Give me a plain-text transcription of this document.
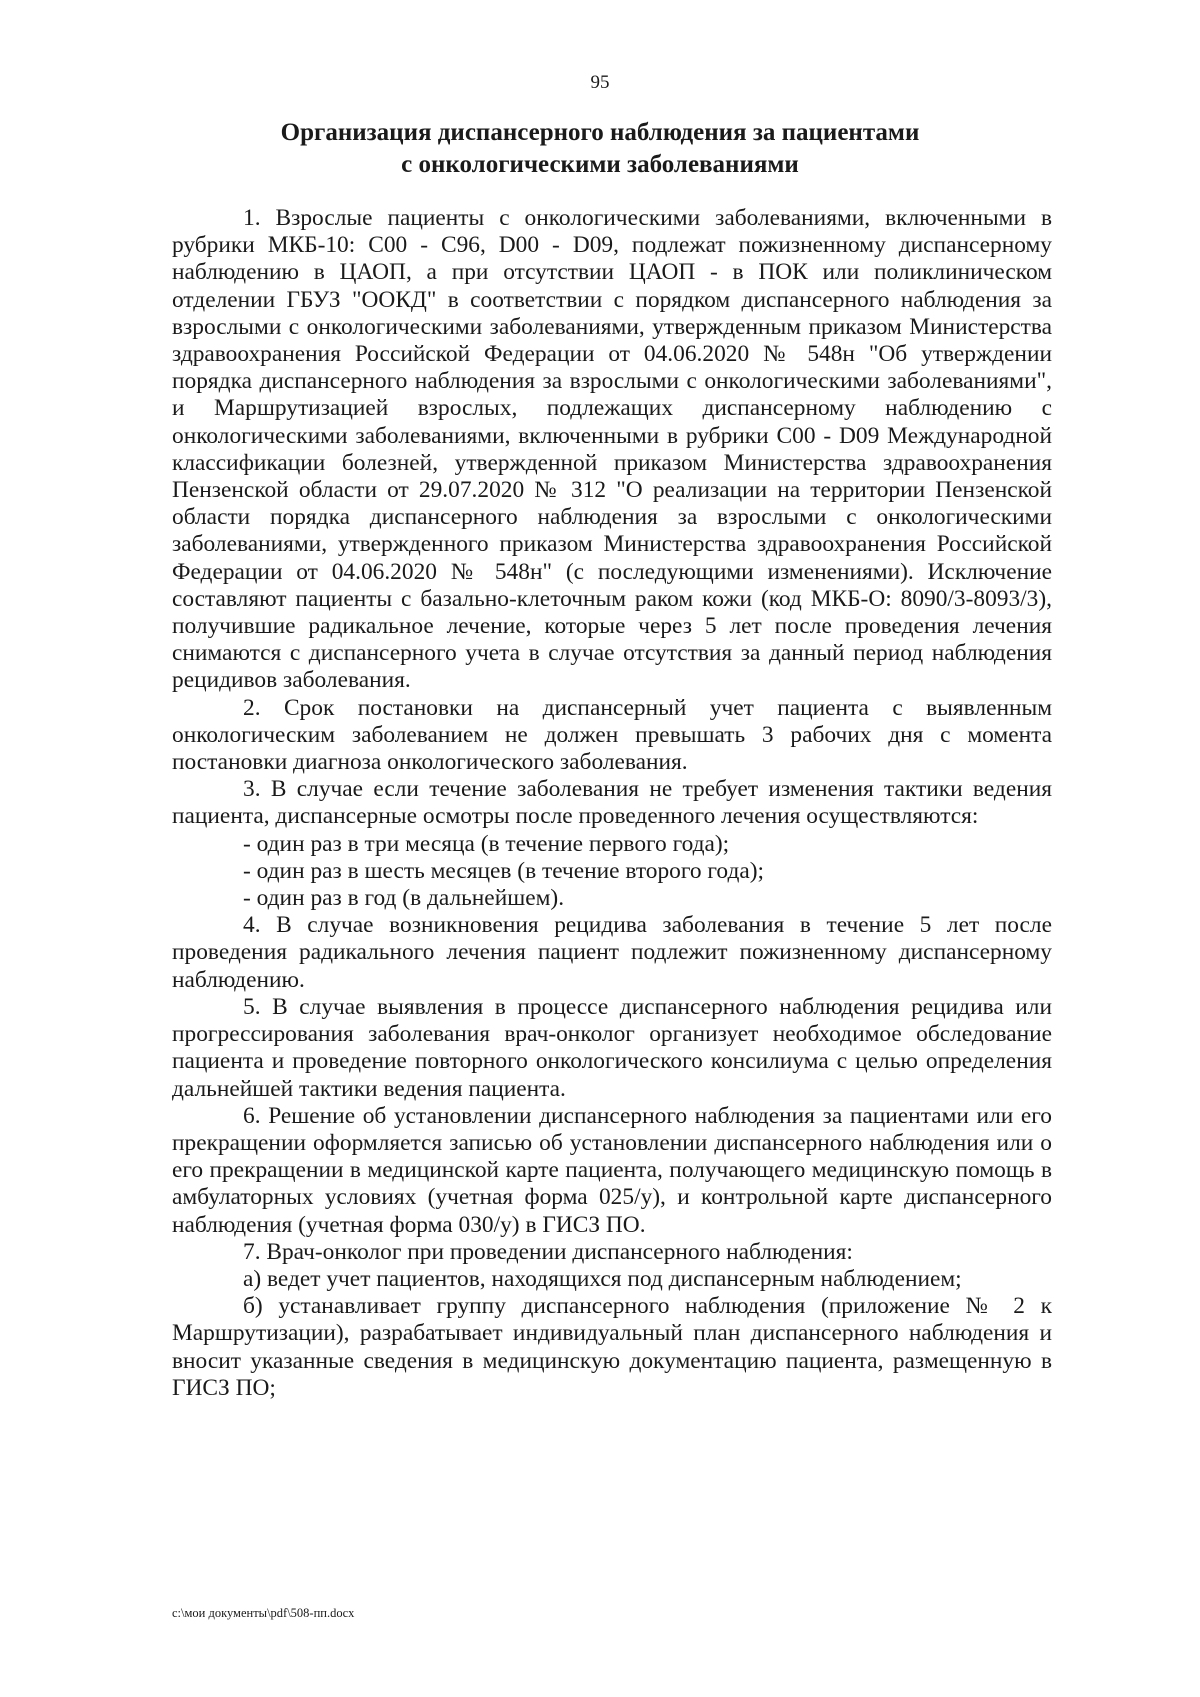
95
Организация диспансерного наблюдения за пациентами
с онкологическими заболеваниями

1. Взрослые пациенты с онкологическими заболеваниями, включенными в рубрики МКБ-10: C00 - C96, D00 - D09, подлежат пожизненному диспансерному наблюдению в ЦАОП, а при отсутствии ЦАОП - в ПОК или поликлиническом отделении ГБУЗ "ООКД" в соответствии с порядком диспансерного наблюдения за взрослыми с онкологическими заболеваниями, утвержденным приказом Министерства здравоохранения Российской Федерации от 04.06.2020 № 548н "Об утверждении порядка диспансерного наблюдения за взрослыми с онкологическими заболеваниями", и Маршрутизацией взрослых, подлежащих диспансерному наблюдению с онкологическими заболеваниями, включенными в рубрики C00 - D09 Международной классификации болезней, утвержденной приказом Министерства здравоохранения Пензенской области от 29.07.2020 № 312 "О реализации на территории Пензенской области порядка диспансерного наблюдения за взрослыми с онкологическими заболеваниями, утвержденного приказом Министерства здравоохранения Российской Федерации от 04.06.2020 № 548н" (с последующими изменениями). Исключение составляют пациенты с базально-клеточным раком кожи (код МКБ-О: 8090/3-8093/3), получившие радикальное лечение, которые через 5 лет после проведения лечения снимаются с диспансерного учета в случае отсутствия за данный период наблюдения рецидивов заболевания.

2. Срок постановки на диспансерный учет пациента с выявленным онкологическим заболеванием не должен превышать 3 рабочих дня с момента постановки диагноза онкологического заболевания.

3. В случае если течение заболевания не требует изменения тактики ведения пациента, диспансерные осмотры после проведенного лечения осуществляются:

- один раз в три месяца (в течение первого года);

- один раз в шесть месяцев (в течение второго года);

- один раз в год (в дальнейшем).

4. В случае возникновения рецидива заболевания в течение 5 лет после проведения радикального лечения пациент подлежит пожизненному диспансерному наблюдению.

5. В случае выявления в процессе диспансерного наблюдения рецидива или прогрессирования заболевания врач-онколог организует необходимое обследование пациента и проведение повторного онкологического консилиума с целью определения дальнейшей тактики ведения пациента.

6. Решение об установлении диспансерного наблюдения за пациентами или его прекращении оформляется записью об установлении диспансерного наблюдения или о его прекращении в медицинской карте пациента, получающего медицинскую помощь в амбулаторных условиях (учетная форма 025/у), и контрольной карте диспансерного наблюдения (учетная форма 030/у) в ГИСЗ ПО.

7. Врач-онколог при проведении диспансерного наблюдения:

а) ведет учет пациентов, находящихся под диспансерным наблюдением;

б) устанавливает группу диспансерного наблюдения (приложение № 2 к Маршрутизации), разрабатывает индивидуальный план диспансерного наблюдения и вносит указанные сведения в медицинскую документацию пациента, размещенную в ГИСЗ ПО;

c:\мои документы\pdf\508-пп.docx
